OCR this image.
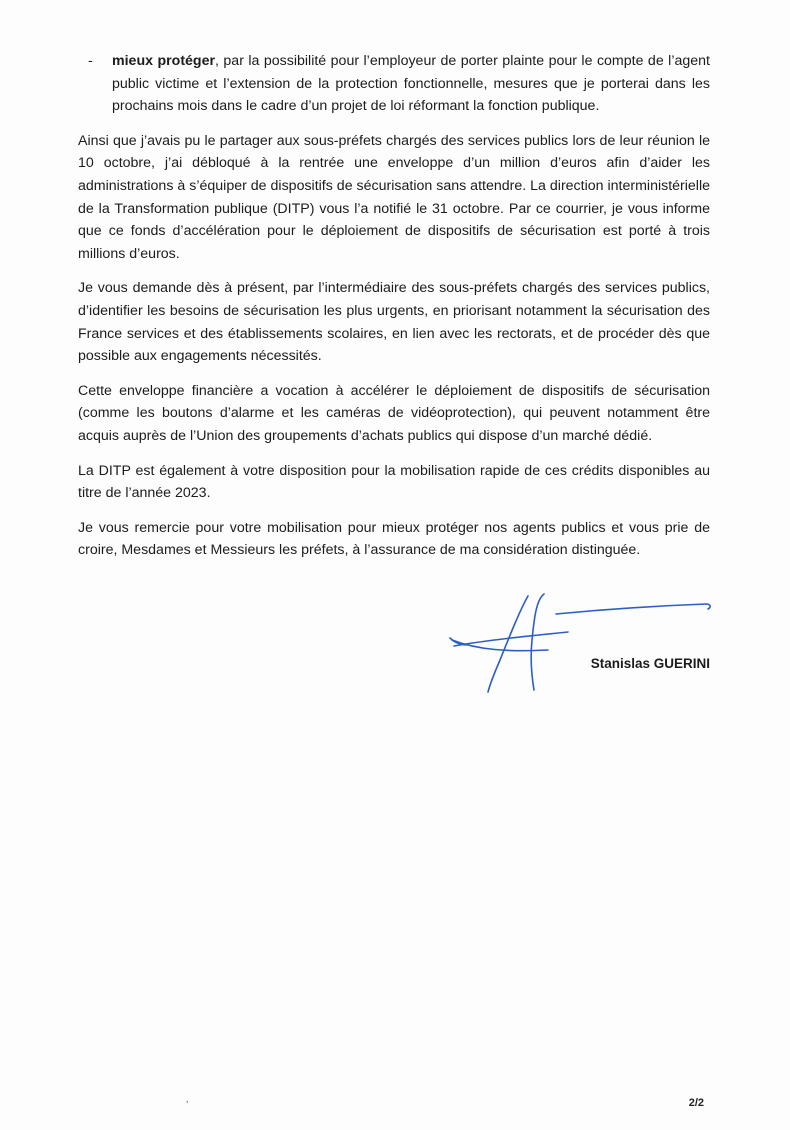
- mieux protéger, par la possibilité pour l’employeur de porter plainte pour le compte de l’agent public victime et l’extension de la protection fonctionnelle, mesures que je porterai dans les prochains mois dans le cadre d’un projet de loi réformant la fonction publique.

Ainsi que j’avais pu le partager aux sous-préfets chargés des services publics lors de leur réunion le 10 octobre, j’ai débloqué à la rentrée une enveloppe d’un million d’euros afin d’aider les administrations à s’équiper de dispositifs de sécurisation sans attendre. La direction interministérielle de la Transformation publique (DITP) vous l’a notifié le 31 octobre. Par ce courrier, je vous informe que ce fonds d’accélération pour le déploiement de dispositifs de sécurisation est porté à trois millions d’euros.

Je vous demande dès à présent, par l’intermédiaire des sous-préfets chargés des services publics, d’identifier les besoins de sécurisation les plus urgents, en priorisant notamment la sécurisation des France services et des établissements scolaires, en lien avec les rectorats, et de procéder dès que possible aux engagements nécessités.

Cette enveloppe financière a vocation à accélérer le déploiement de dispositifs de sécurisation (comme les boutons d’alarme et les caméras de vidéoprotection), qui peuvent notamment être acquis auprès de l’Union des groupements d’achats publics qui dispose d’un marché dédié.

La DITP est également à votre disposition pour la mobilisation rapide de ces crédits disponibles au titre de l’année 2023.

Je vous remercie pour votre mobilisation pour mieux protéger nos agents publics et vous prie de croire, Mesdames et Messieurs les préfets, à l’assurance de ma considération distinguée.

Stanislas GUERINI
‚	2/2
